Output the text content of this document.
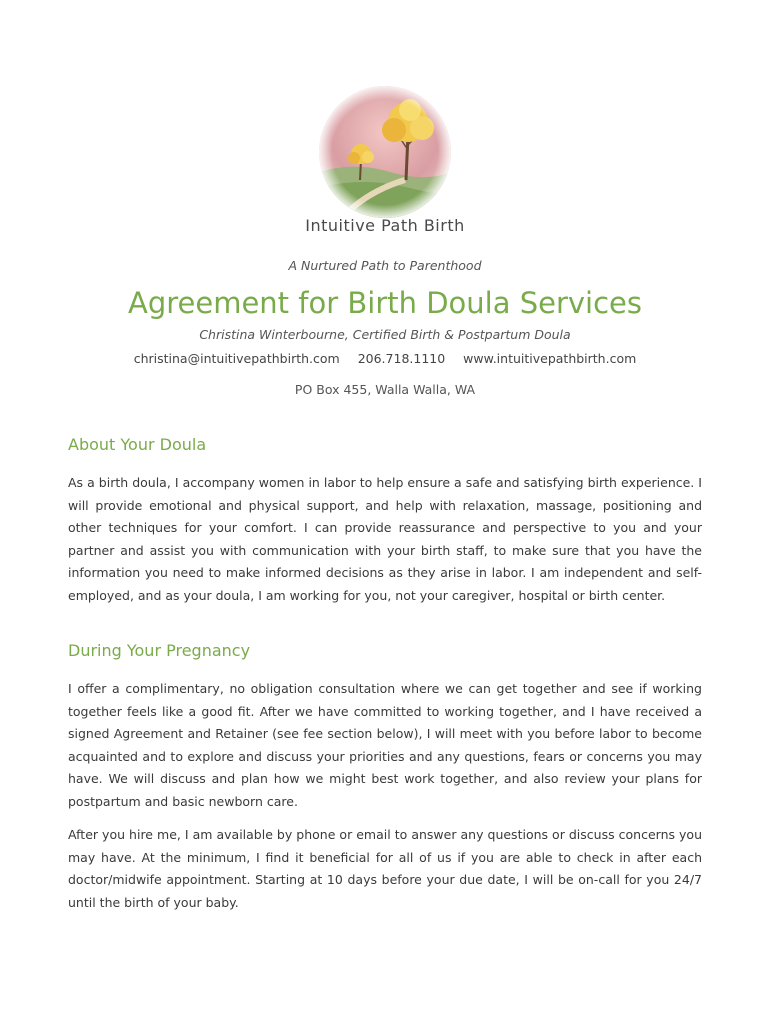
Intuitive Path Birth
A Nurtured Path to Parenthood
Agreement for Birth Doula Services
Christina Winterbourne, Certified Birth & Postpartum Doula
christina@intuitivepathbirth.com 206.718.1110 www.intuitivepathbirth.com
PO Box 455, Walla Walla, WA
About Your Doula

As a birth doula, I accompany women in labor to help ensure a safe and satisfying birth experience. I will provide emotional and physical support, and help with relaxation, massage, positioning and other techniques for your comfort. I can provide reassurance and perspective to you and your partner and assist you with communication with your birth staff, to make sure that you have the information you need to make informed decisions as they arise in labor. I am independent and self-employed, and as your doula, I am working for you, not your caregiver, hospital or birth center.

During Your Pregnancy

I offer a complimentary, no obligation consultation where we can get together and see if working together feels like a good fit. After we have committed to working together, and I have received a signed Agreement and Retainer (see fee section below), I will meet with you before labor to become acquainted and to explore and discuss your priorities and any questions, fears or concerns you may have. We will discuss and plan how we might best work together, and also review your plans for postpartum and basic newborn care.

After you hire me, I am available by phone or email to answer any questions or discuss concerns you may have. At the minimum, I find it beneficial for all of us if you are able to check in after each doctor/midwife appointment. Starting at 10 days before your due date, I will be on-call for you 24/7 until the birth of your baby.
